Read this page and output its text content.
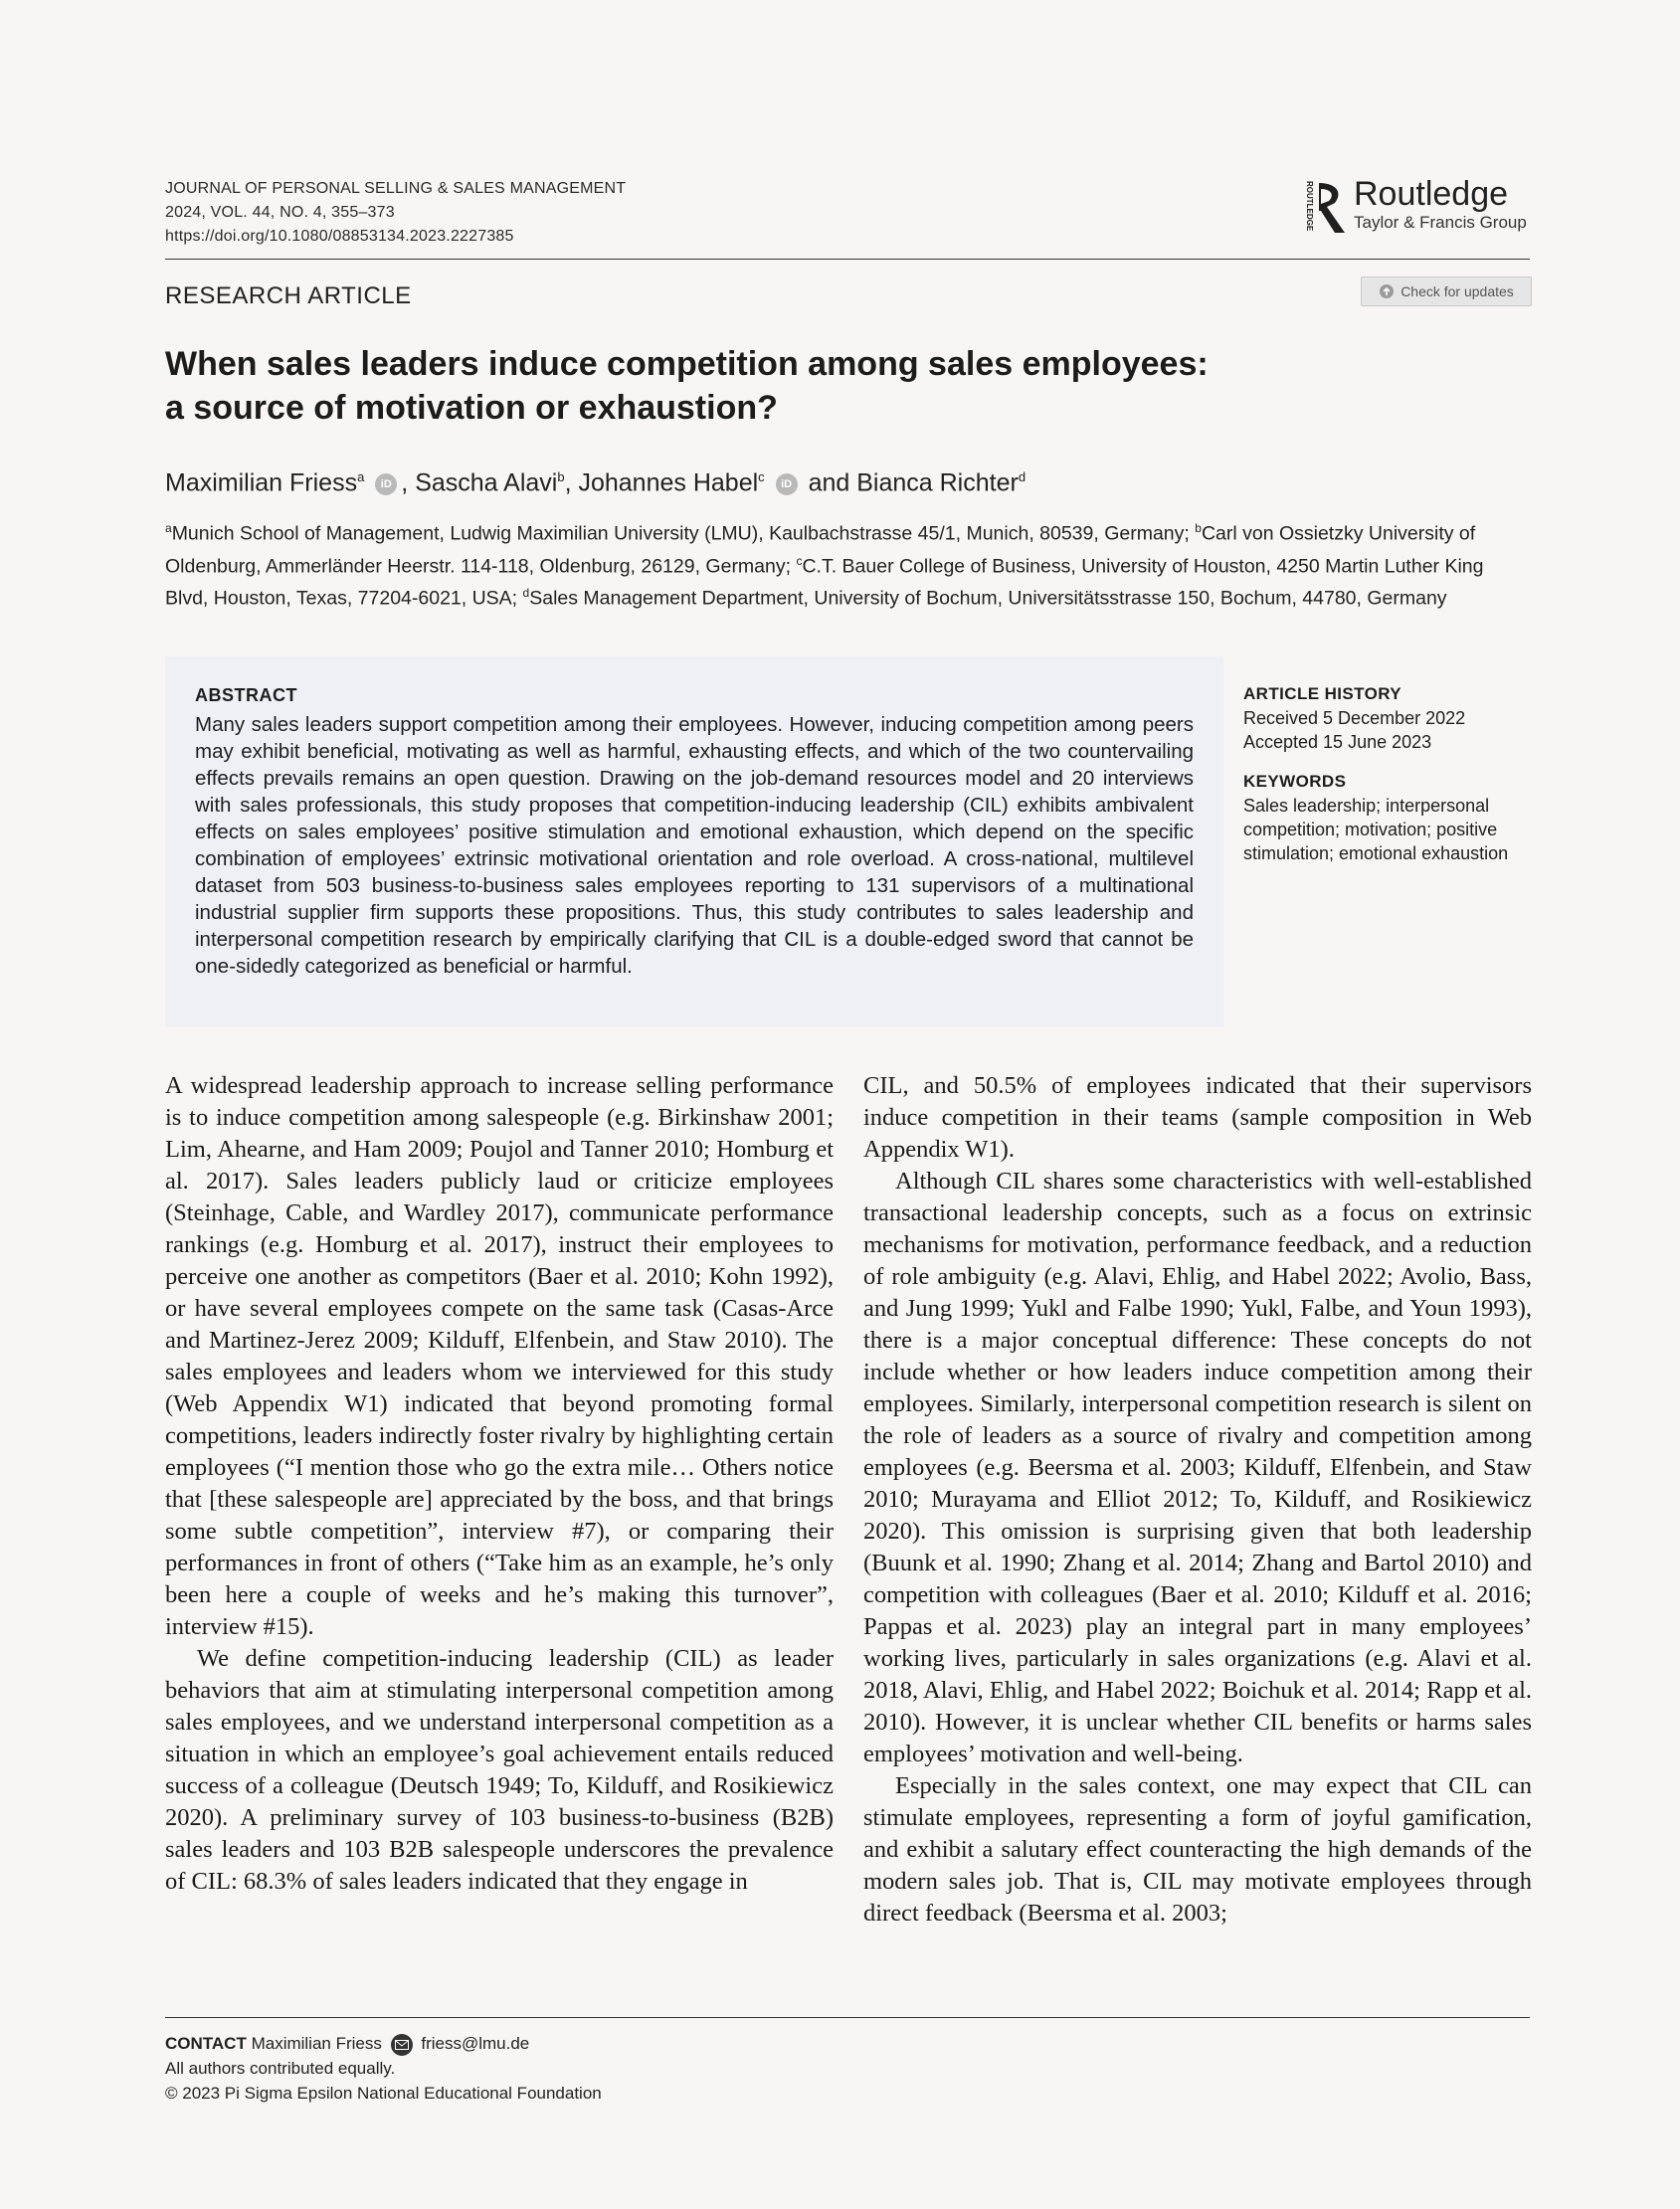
JOURNAL OF PERSONAL SELLING & SALES MANAGEMENT
2024, VOL. 44, NO. 4, 355–373
https://doi.org/10.1080/08853134.2023.2227385
ROUTLEDGE Routledge
Taylor & Francis Group
RESEARCH ARTICLE	Check for updates
When sales leaders induce competition among sales employees:
a source of motivation or exhaustion?
Maximilian Friess$^a$ iD , Sascha Alavi$^b$, Johannes Habel$^c$ iD and Bianca Richter$^d$
$^a$Munich School of Management, Ludwig Maximilian University (LMU), Kaulbachstrasse 45/1, Munich, 80539, Germany; $^b$Carl von Ossietzky University of Oldenburg, Ammerländer Heerstr. 114-118, Oldenburg, 26129, Germany; $^c$C.T. Bauer College of Business, University of Houston, 4250 Martin Luther King Blvd, Houston, Texas, 77204-6021, USA; $^d$Sales Management Department, University of Bochum, Universitätsstrasse 150, Bochum, 44780, Germany
ABSTRACT
Many sales leaders support competition among their employees. However, inducing competition among peers may exhibit beneficial, motivating as well as harmful, exhausting effects, and which of the two countervailing effects prevails remains an open question. Drawing on the job-demand resources model and 20 interviews with sales professionals, this study proposes that competition-inducing leadership (CIL) exhibits ambivalent effects on sales employees’ positive stimulation and emotional exhaustion, which depend on the specific combination of employees’ extrinsic motivational orientation and role overload. A cross-national, multilevel dataset from 503 business-to-business sales employees reporting to 131 supervisors of a multinational industrial supplier firm supports these propositions. Thus, this study contributes to sales leadership and interpersonal competition research by empirically clarifying that CIL is a double-edged sword that cannot be one-sidedly categorized as beneficial or harmful.
ARTICLE HISTORY
Received 5 December 2022
Accepted 15 June 2023
KEYWORDS
Sales leadership; interpersonal competition; motivation; positive stimulation; emotional exhaustion

A widespread leadership approach to increase selling performance is to induce competition among salespeople (e.g. Birkinshaw 2001; Lim, Ahearne, and Ham 2009; Poujol and Tanner 2010; Homburg et al. 2017). Sales leaders publicly laud or criticize employees (Steinhage, Cable, and Wardley 2017), communicate performance rankings (e.g. Homburg et al. 2017), instruct their employees to perceive one another as competitors (Baer et al. 2010; Kohn 1992), or have several employees compete on the same task (Casas-Arce and Martinez-Jerez 2009; Kilduff, Elfenbein, and Staw 2010). The sales employees and leaders whom we interviewed for this study (Web Appendix W1) indicated that beyond promoting formal competitions, leaders indirectly foster rivalry by highlighting certain employees (“I mention those who go the extra mile… Others notice that [these salespeople are] appreciated by the boss, and that brings some subtle competition”, interview #7), or comparing their performances in front of others (“Take him as an example, he’s only been here a couple of weeks and he’s making this turnover”, interview #15).

We define competition-inducing leadership (CIL) as leader behaviors that aim at stimulating interpersonal competition among sales employees, and we understand interpersonal competition as a situation in which an employee’s goal achievement entails reduced success of a colleague (Deutsch 1949; To, Kilduff, and Rosikiewicz 2020). A preliminary survey of 103 business-to-business (B2B) sales leaders and 103 B2B salespeople underscores the prevalence of CIL: 68.3% of sales leaders indicated that they engage in

CIL, and 50.5% of employees indicated that their supervisors induce competition in their teams (sample composition in Web Appendix W1).

Although CIL shares some characteristics with well-established transactional leadership concepts, such as a focus on extrinsic mechanisms for motivation, performance feedback, and a reduction of role ambiguity (e.g. Alavi, Ehlig, and Habel 2022; Avolio, Bass, and Jung 1999; Yukl and Falbe 1990; Yukl, Falbe, and Youn 1993), there is a major conceptual difference: These concepts do not include whether or how leaders induce competition among their employees. Similarly, interpersonal competition research is silent on the role of leaders as a source of rivalry and competition among employees (e.g. Beersma et al. 2003; Kilduff, Elfenbein, and Staw 2010; Murayama and Elliot 2012; To, Kilduff, and Rosikiewicz 2020). This omission is surprising given that both leadership (Buunk et al. 1990; Zhang et al. 2014; Zhang and Bartol 2010) and competition with colleagues (Baer et al. 2010; Kilduff et al. 2016; Pappas et al. 2023) play an integral part in many employees’ working lives, particularly in sales organizations (e.g. Alavi et al. 2018, Alavi, Ehlig, and Habel 2022; Boichuk et al. 2014; Rapp et al. 2010). However, it is unclear whether CIL benefits or harms sales employees’ motivation and well-being.

Especially in the sales context, one may expect that CIL can stimulate employees, representing a form of joyful gamification, and exhibit a salutary effect counteracting the high demands of the modern sales job. That is, CIL may motivate employees through direct feedback (Beersma et al. 2003;

CONTACT Maximilian Friess friess@lmu.de
All authors contributed equally.
© 2023 Pi Sigma Epsilon National Educational Foundation
